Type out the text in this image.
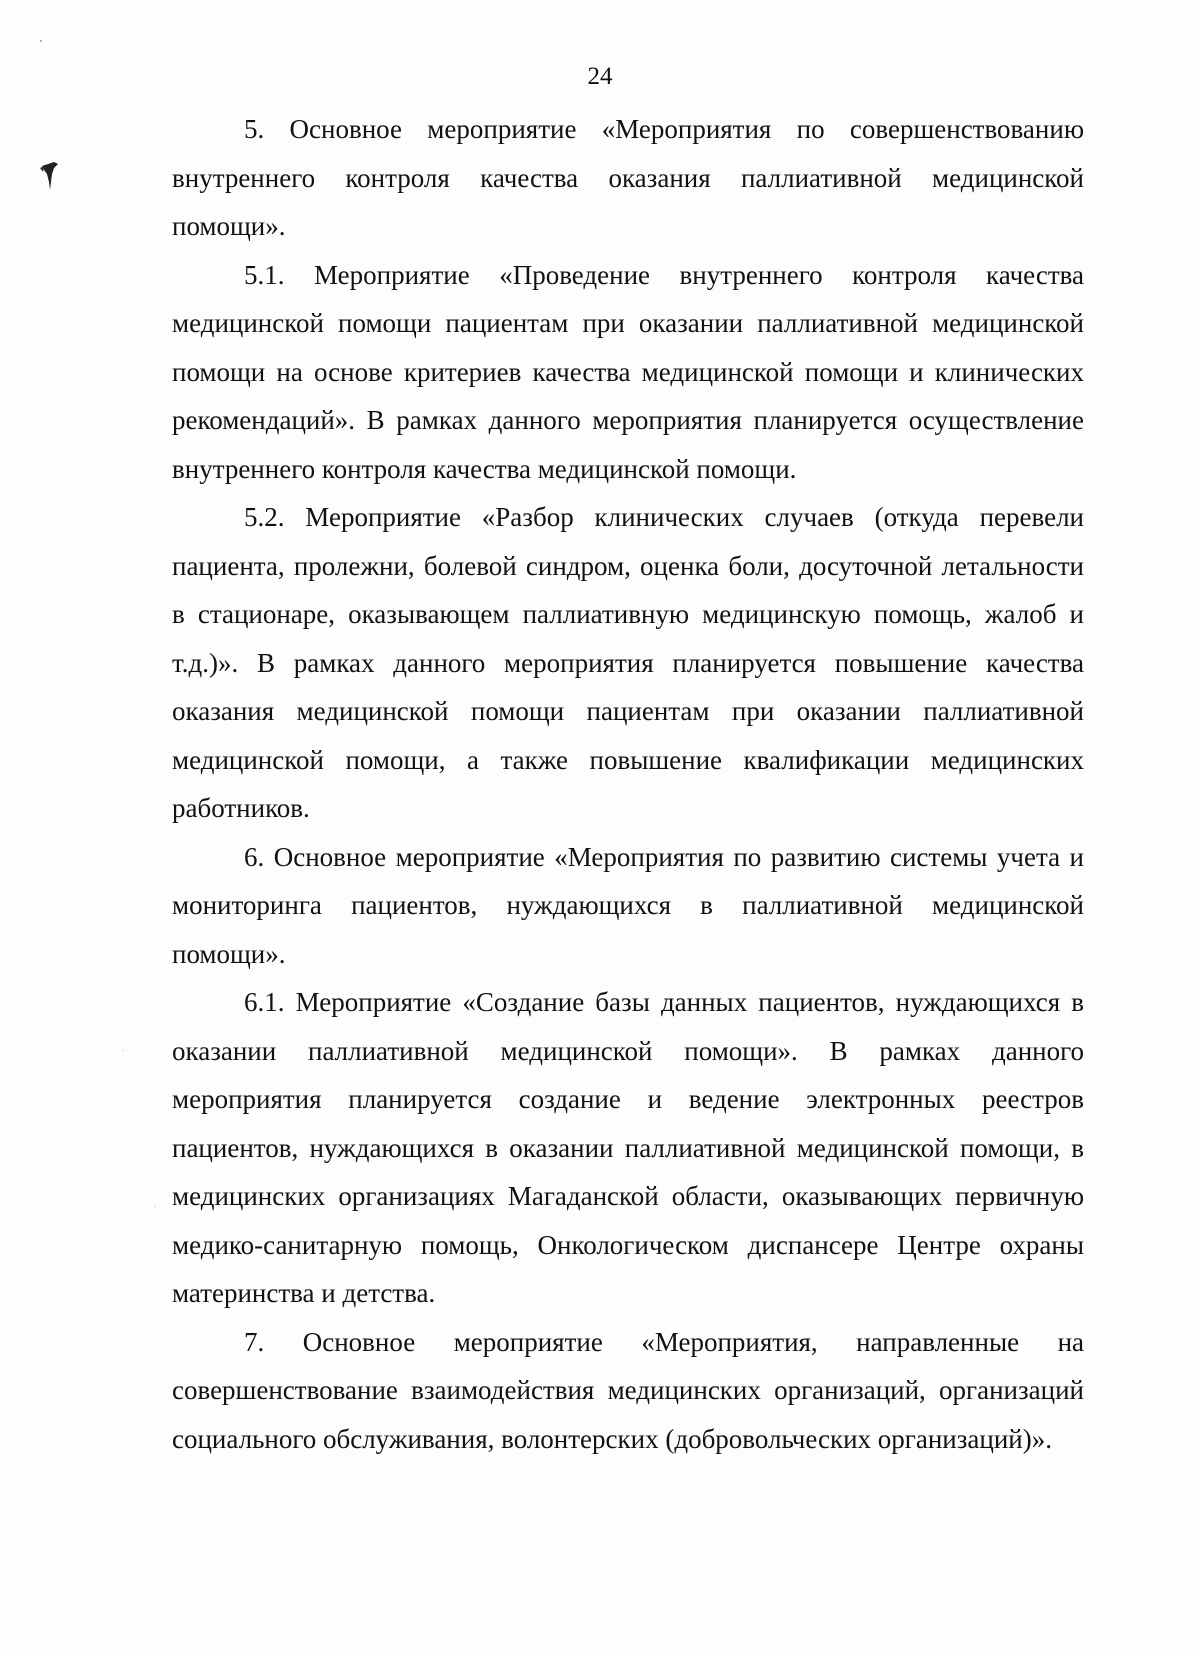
24

5. Основное мероприятие «Мероприятия по совершенствованию внутреннего контроля качества оказания паллиативной медицинской помощи».

5.1. Мероприятие «Проведение внутреннего контроля качества медицинской помощи пациентам при оказании паллиативной медицинской помощи на основе критериев качества медицинской помощи и клинических рекомендаций». В рамках данного мероприятия планируется осуществление внутреннего контроля качества медицинской помощи.

5.2. Мероприятие «Разбор клинических случаев (откуда перевели пациента, пролежни, болевой синдром, оценка боли, досуточной летальности в стационаре, оказывающем паллиативную медицинскую помощь, жалоб и т.д.)». В рамках данного мероприятия планируется повышение качества оказания медицинской помощи пациентам при оказании паллиативной медицинской помощи, а также повышение квалификации медицинских работников.

6. Основное мероприятие «Мероприятия по развитию системы учета и мониторинга пациентов, нуждающихся в паллиативной медицинской помощи».

6.1. Мероприятие «Создание базы данных пациентов, нуждающихся в оказании паллиативной медицинской помощи». В рамках данного мероприятия планируется создание и ведение электронных реестров пациентов, нуждающихся в оказании паллиативной медицинской помощи, в медицинских организациях Магаданской области, оказывающих первичную медико-санитарную помощь, Онкологическом диспансере Центре охраны материнства и детства.

7. Основное мероприятие «Мероприятия, направленные на совершенствование взаимодействия медицинских организаций, организаций социального обслуживания, волонтерских (добровольческих организаций)».
